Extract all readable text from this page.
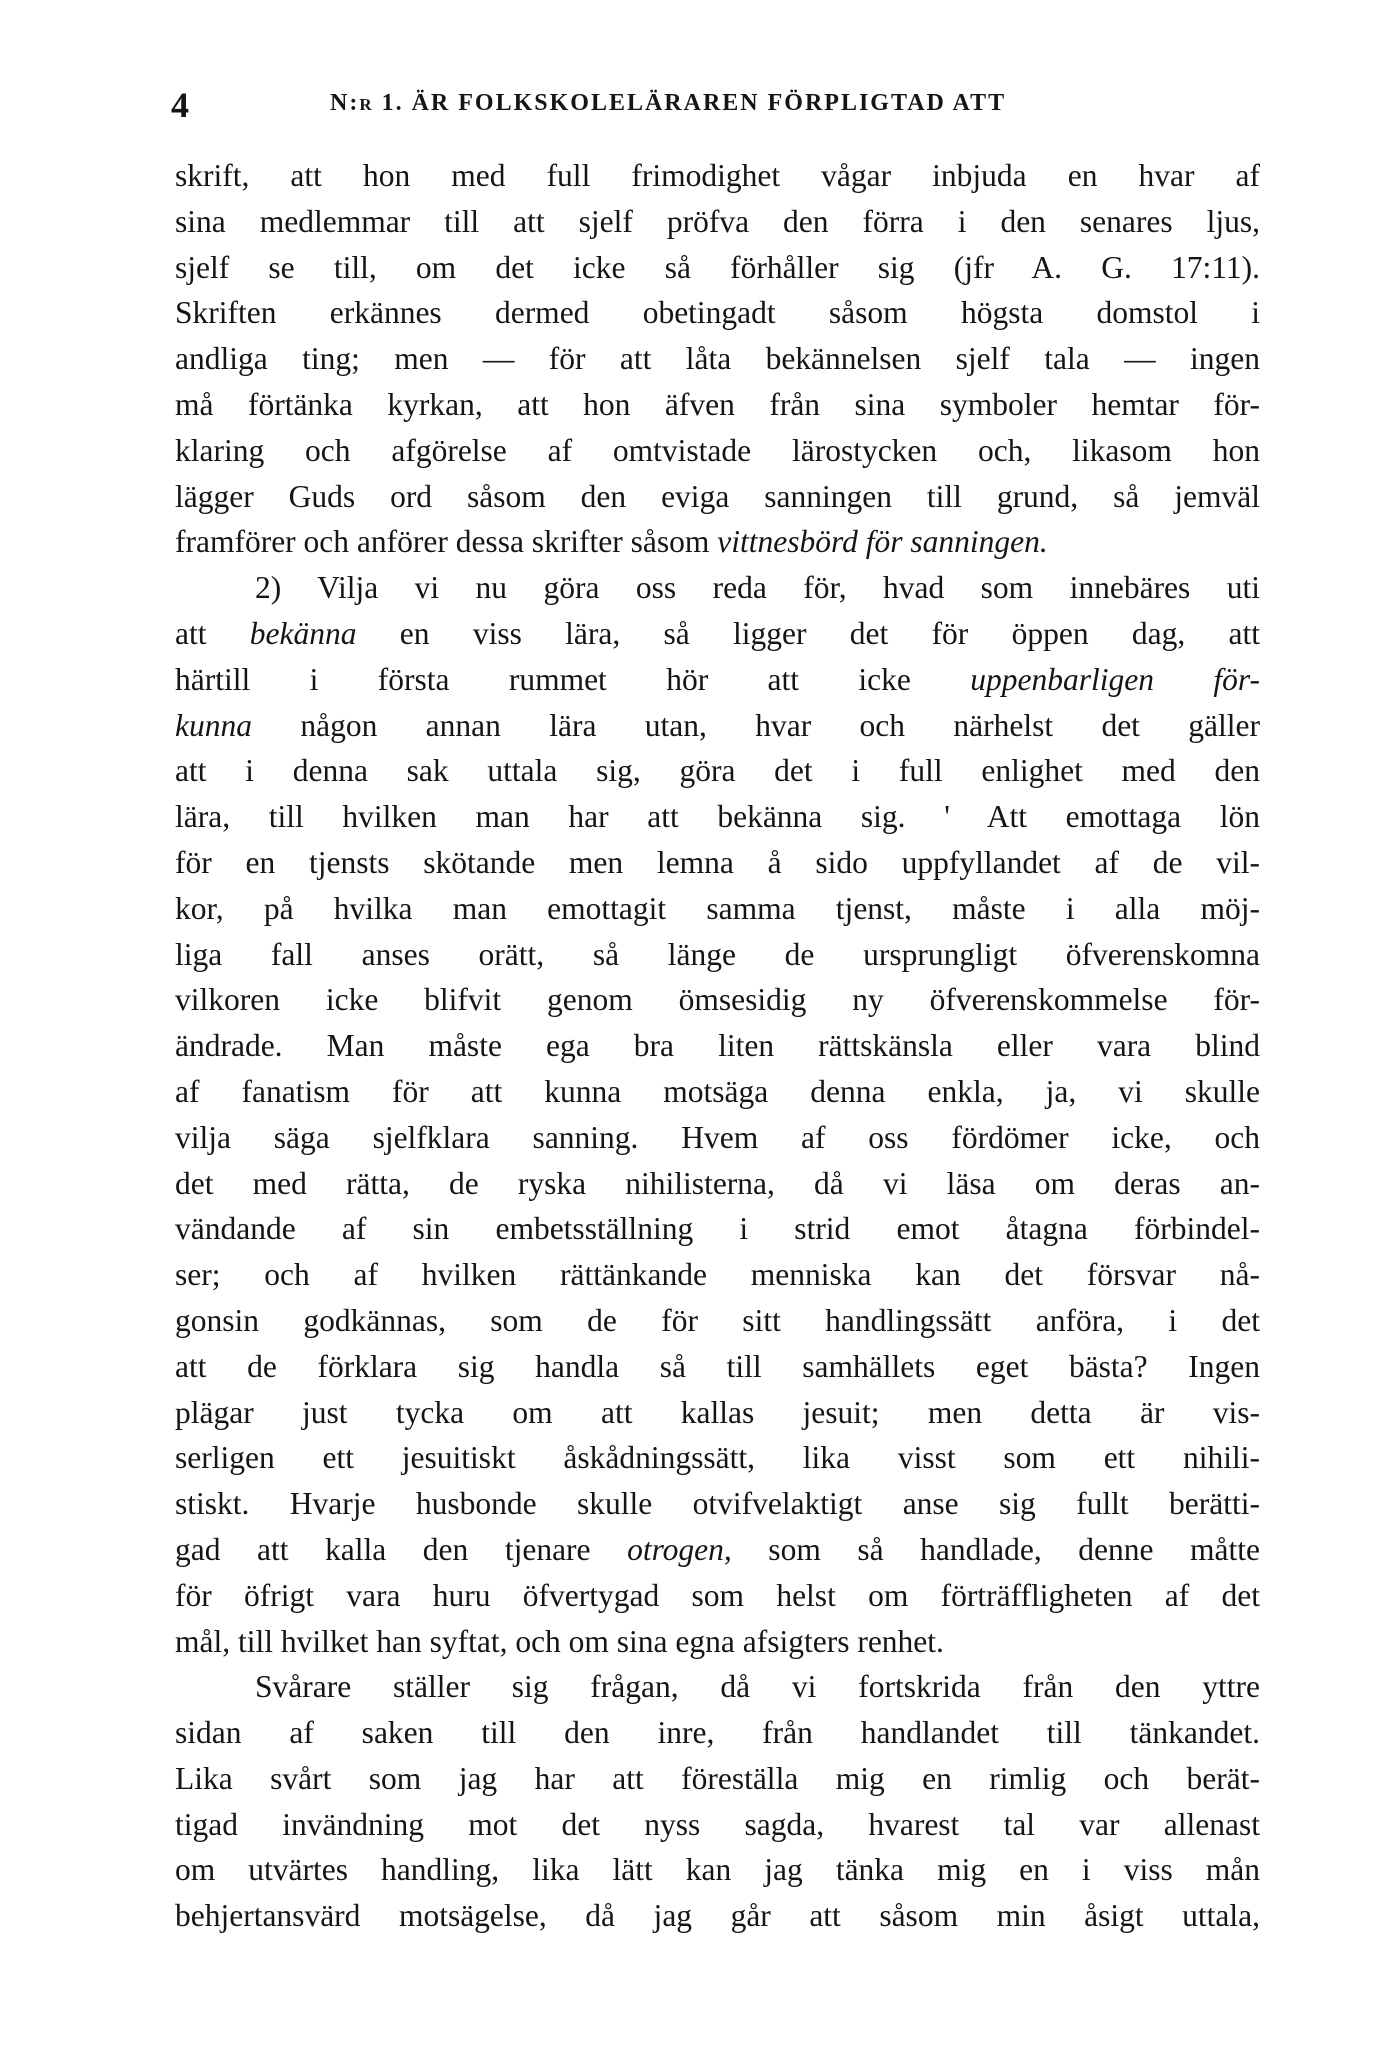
4	N:r 1. ÄR FOLKSKOLELÄRAREN FÖRPLIGTAD ATT
skrift, att hon med full frimodighet vågar inbjuda en hvar af
sina medlemmar till att sjelf pröfva den förra i den senares ljus,
sjelf se till, om det icke så förhåller sig (jfr A. G. 17:11).
Skriften erkännes dermed obetingadt såsom högsta domstol i
andliga ting; men — för att låta bekännelsen sjelf tala — ingen
må förtänka kyrkan, att hon äfven från sina symboler hemtar för-
klaring och afgörelse af omtvistade lärostycken och, likasom hon
lägger Guds ord såsom den eviga sanningen till grund, så jemväl
framförer och anförer dessa skrifter såsom vittnesbörd för sanningen.
2) Vilja vi nu göra oss reda för, hvad som innebäres uti
att bekänna en viss lära, så ligger det för öppen dag, att
härtill i första rummet hör att icke uppenbarligen för-
kunna någon annan lära utan, hvar och närhelst det gäller
att i denna sak uttala sig, göra det i full enlighet med den
lära, till hvilken man har att bekänna sig. ' Att emottaga lön
för en tjensts skötande men lemna å sido uppfyllandet af de vil-
kor, på hvilka man emottagit samma tjenst, måste i alla möj-
liga fall anses orätt, så länge de ursprungligt öfverenskomna
vilkoren icke blifvit genom ömsesidig ny öfverenskommelse för-
ändrade. Man måste ega bra liten rättskänsla eller vara blind
af fanatism för att kunna motsäga denna enkla, ja, vi skulle
vilja säga sjelfklara sanning. Hvem af oss fördömer icke, och
det med rätta, de ryska nihilisterna, då vi läsa om deras an-
vändande af sin embetsställning i strid emot åtagna förbindel-
ser; och af hvilken rättänkande menniska kan det försvar nå-
gonsin godkännas, som de för sitt handlingssätt anföra, i det
att de förklara sig handla så till samhällets eget bästa? Ingen
plägar just tycka om att kallas jesuit; men detta är vis-
serligen ett jesuitiskt åskådningssätt, lika visst som ett nihili-
stiskt. Hvarje husbonde skulle otvifvelaktigt anse sig fullt berätti-
gad att kalla den tjenare otrogen, som så handlade, denne måtte
för öfrigt vara huru öfvertygad som helst om förträffligheten af det
mål, till hvilket han syftat, och om sina egna afsigters renhet.
Svårare ställer sig frågan, då vi fortskrida från den yttre
sidan af saken till den inre, från handlandet till tänkandet.
Lika svårt som jag har att föreställa mig en rimlig och berät-
tigad invändning mot det nyss sagda, hvarest tal var allenast
om utvärtes handling, lika lätt kan jag tänka mig en i viss mån
behjertansvärd motsägelse, då jag går att såsom min åsigt uttala,
